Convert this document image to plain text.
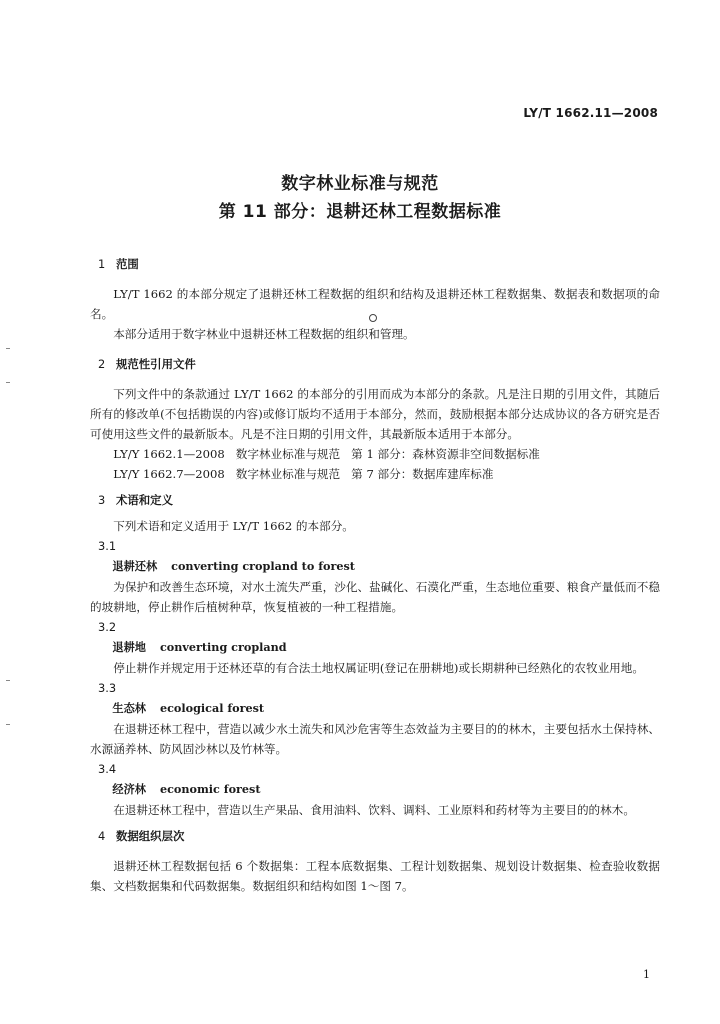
LY/T 1662.11—2008
数字林业标准与规范
第 11 部分：退耕还林工程数据标准
1 范围
LY/T 1662 的本部分规定了退耕还林工程数据的组织和结构及退耕还林工程数据集、数据表和数据项的命名。
本部分适用于数字林业中退耕还林工程数据的组织和管理。
2 规范性引用文件
下列文件中的条款通过 LY/T 1662 的本部分的引用而成为本部分的条款。凡是注日期的引用文件，其随后所有的修改单(不包括勘误的内容)或修订版均不适用于本部分，然而，鼓励根据本部分达成协议的各方研究是否可使用这些文件的最新版本。凡是不注日期的引用文件，其最新版本适用于本部分。
LY/Y 1662.1—2008   数字林业标准与规范   第 1 部分：森林资源非空间数据标准
LY/Y 1662.7—2008   数字林业标准与规范   第 7 部分：数据库建库标准
3 术语和定义
下列术语和定义适用于 LY/T 1662 的本部分。
3.1
退耕还林 converting cropland to forest
为保护和改善生态环境，对水土流失严重，沙化、盐碱化、石漠化严重，生态地位重要、粮食产量低而不稳的坡耕地，停止耕作后植树种草，恢复植被的一种工程措施。
3.2
退耕地 converting cropland
停止耕作并规定用于还林还草的有合法土地权属证明(登记在册耕地)或长期耕种已经熟化的农牧业用地。
3.3
生态林 ecological forest
在退耕还林工程中，营造以减少水土流失和风沙危害等生态效益为主要目的的林木，主要包括水土保持林、水源涵养林、防风固沙林以及竹林等。
3.4
经济林 economic forest
在退耕还林工程中，营造以生产果品、食用油料、饮料、调料、工业原料和药材等为主要目的的林木。
4 数据组织层次
退耕还林工程数据包括 6 个数据集：工程本底数据集、工程计划数据集、规划设计数据集、检查验收数据集、文档数据集和代码数据集。数据组织和结构如图 1～图 7。
1
